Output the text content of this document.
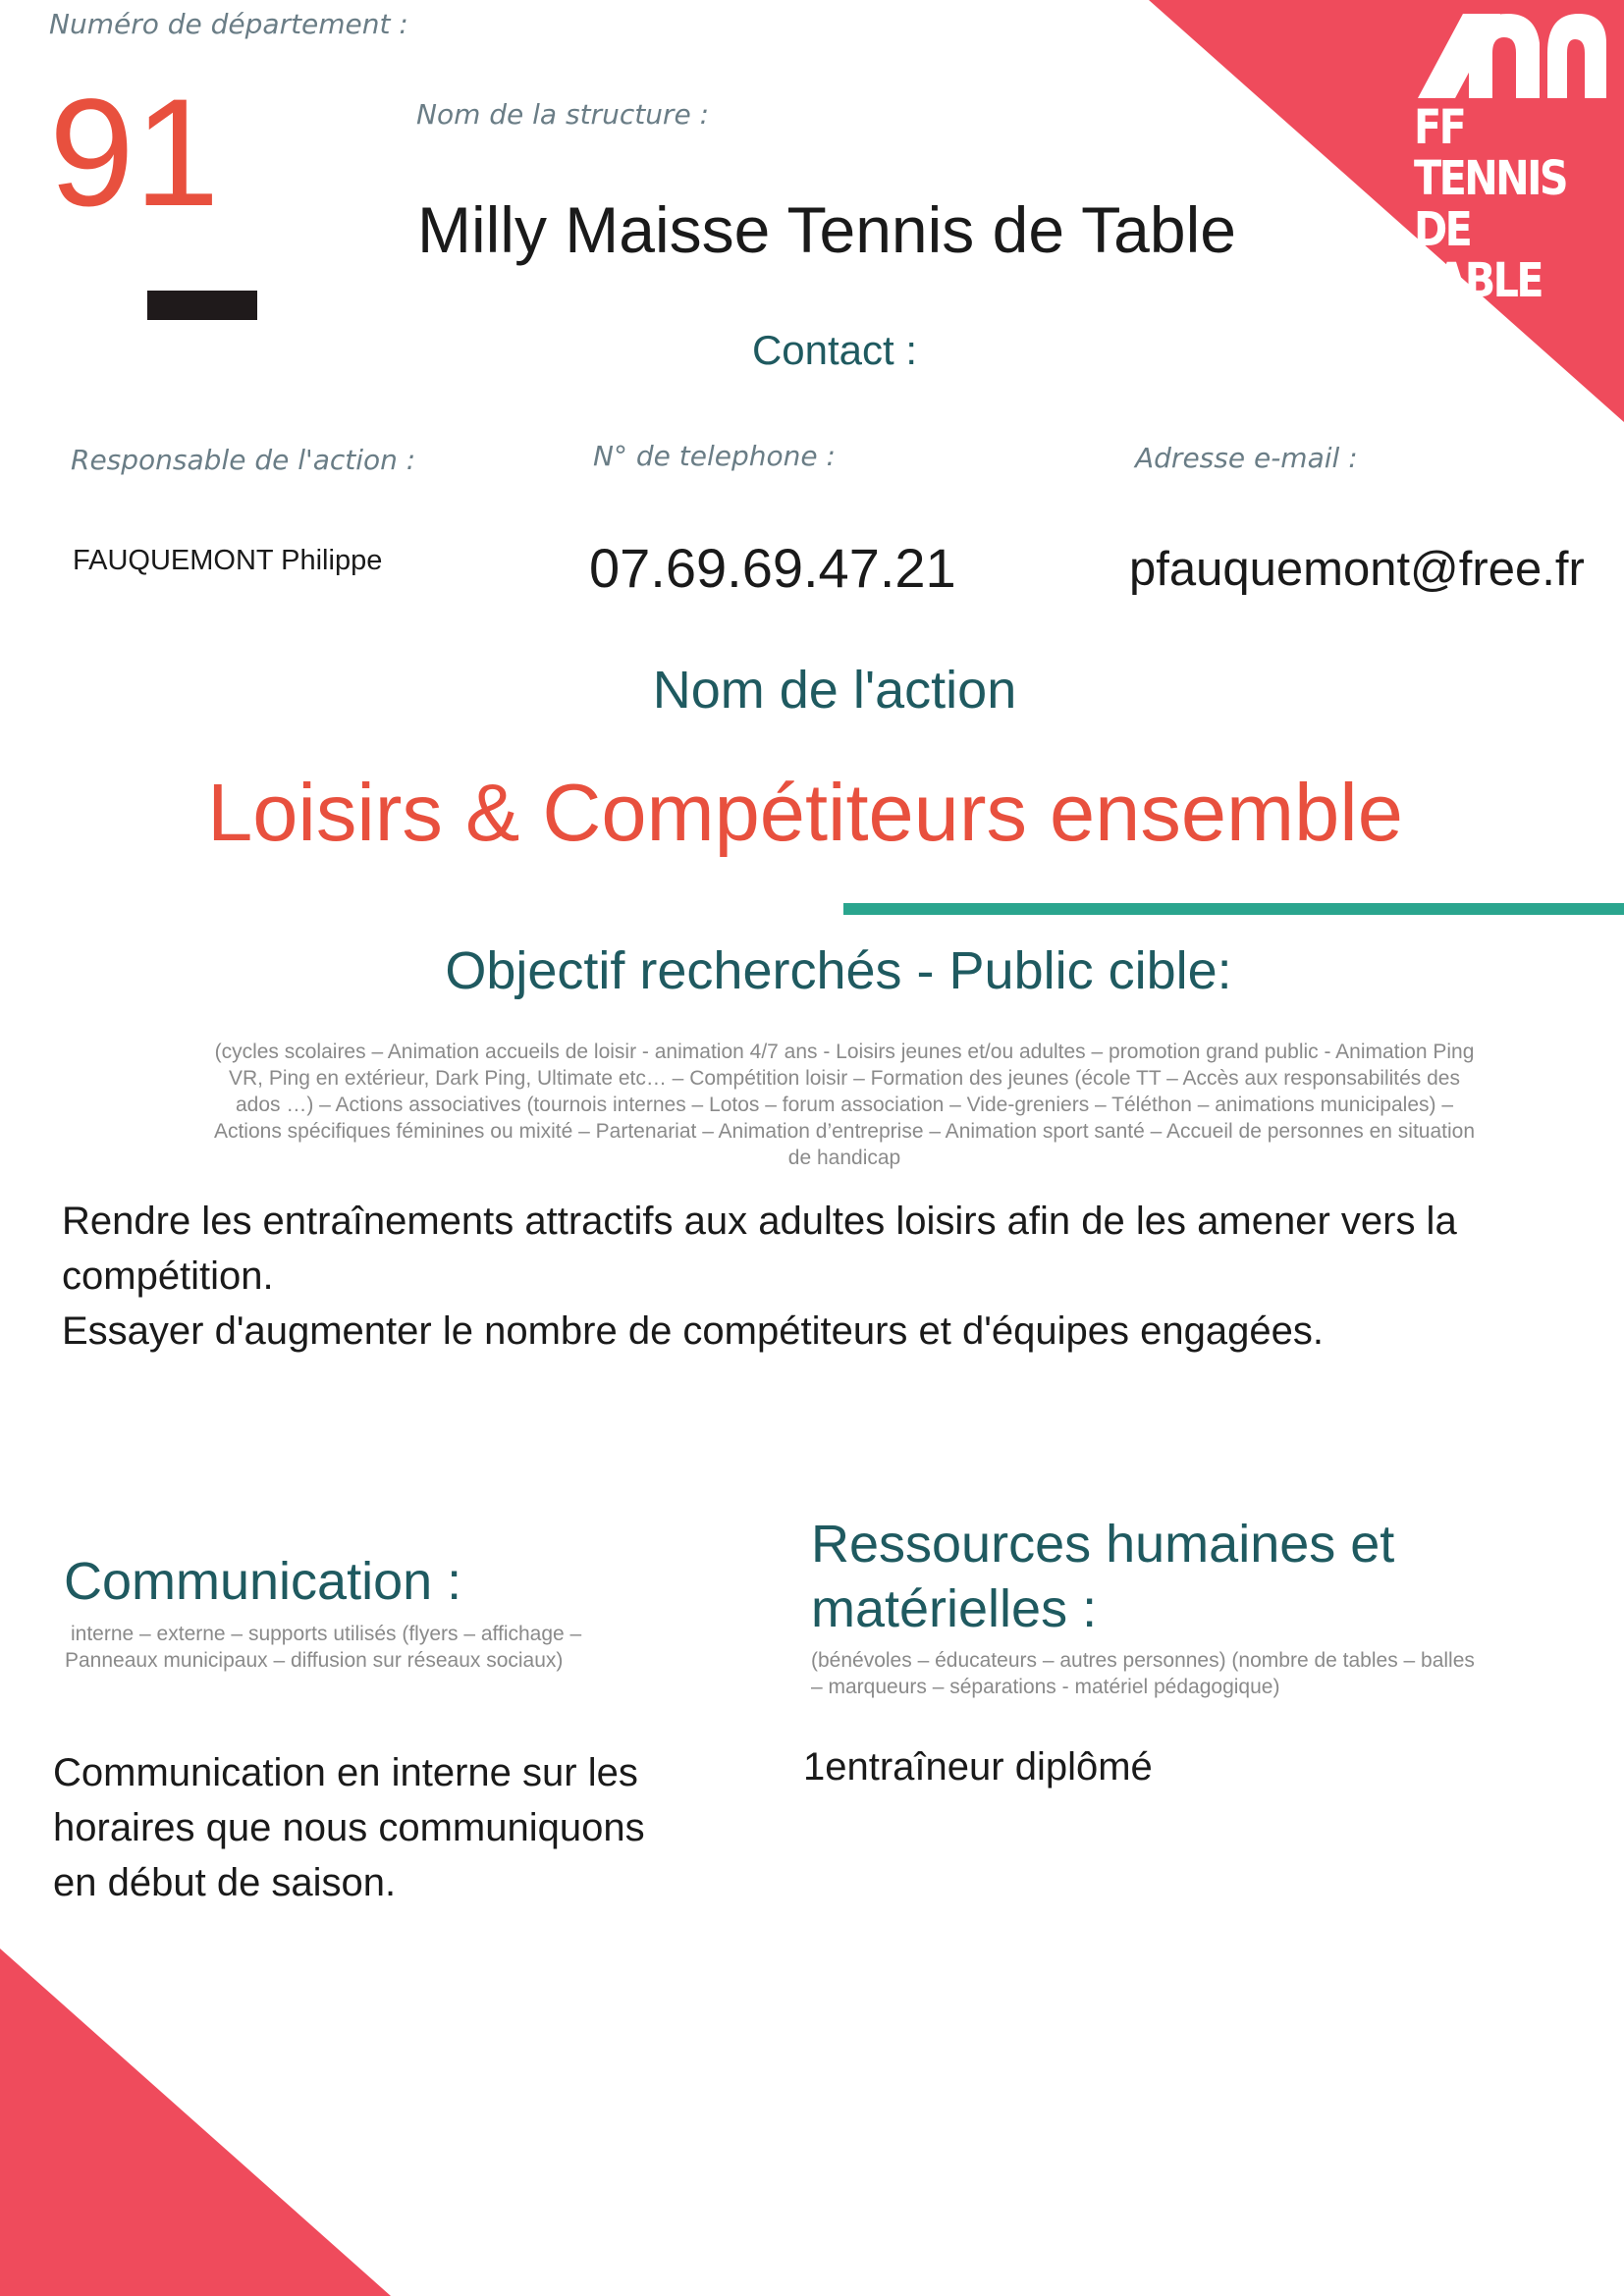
FF TENNIS
DE TABLE
Numéro de département :
91	Nom de la structure :
Milly Maisse Tennis de Table
Contact :
Responsable de l'action :	N° de telephone :	Adresse e-mail :
FAUQUEMONT Philippe	07.69.69.47.21	pfauquemont@free.fr
Nom de l'action
Loisirs & Compétiteurs ensemble
Objectif recherchés - Public cible:
(cycles scolaires – Animation accueils de loisir - animation 4/7 ans - Loisirs jeunes et/ou adultes – promotion grand public - Animation Ping
VR, Ping en extérieur, Dark Ping, Ultimate etc… – Compétition loisir – Formation des jeunes (école TT – Accès aux responsabilités des
ados …) – Actions associatives (tournois internes – Lotos – forum association – Vide-greniers – Téléthon – animations municipales) –
Actions spécifiques féminines ou mixité – Partenariat – Animation d’entreprise – Animation sport santé – Accueil de personnes en situation
de handicap
Rendre les entraînements attractifs aux adultes loisirs afin de les amener vers la
compétition.
Essayer d'augmenter le nombre de compétiteurs et d'équipes engagées.
Communication :
interne – externe – supports utilisés (flyers – affichage –
Panneaux municipaux – diffusion sur réseaux sociaux)
Communication en interne sur les
horaires que nous communiquons
en début de saison.
Ressources humaines et
matérielles :
(bénévoles – éducateurs – autres personnes) (nombre de tables – balles
– marqueurs – séparations - matériel pédagogique)
1entraîneur diplômé
